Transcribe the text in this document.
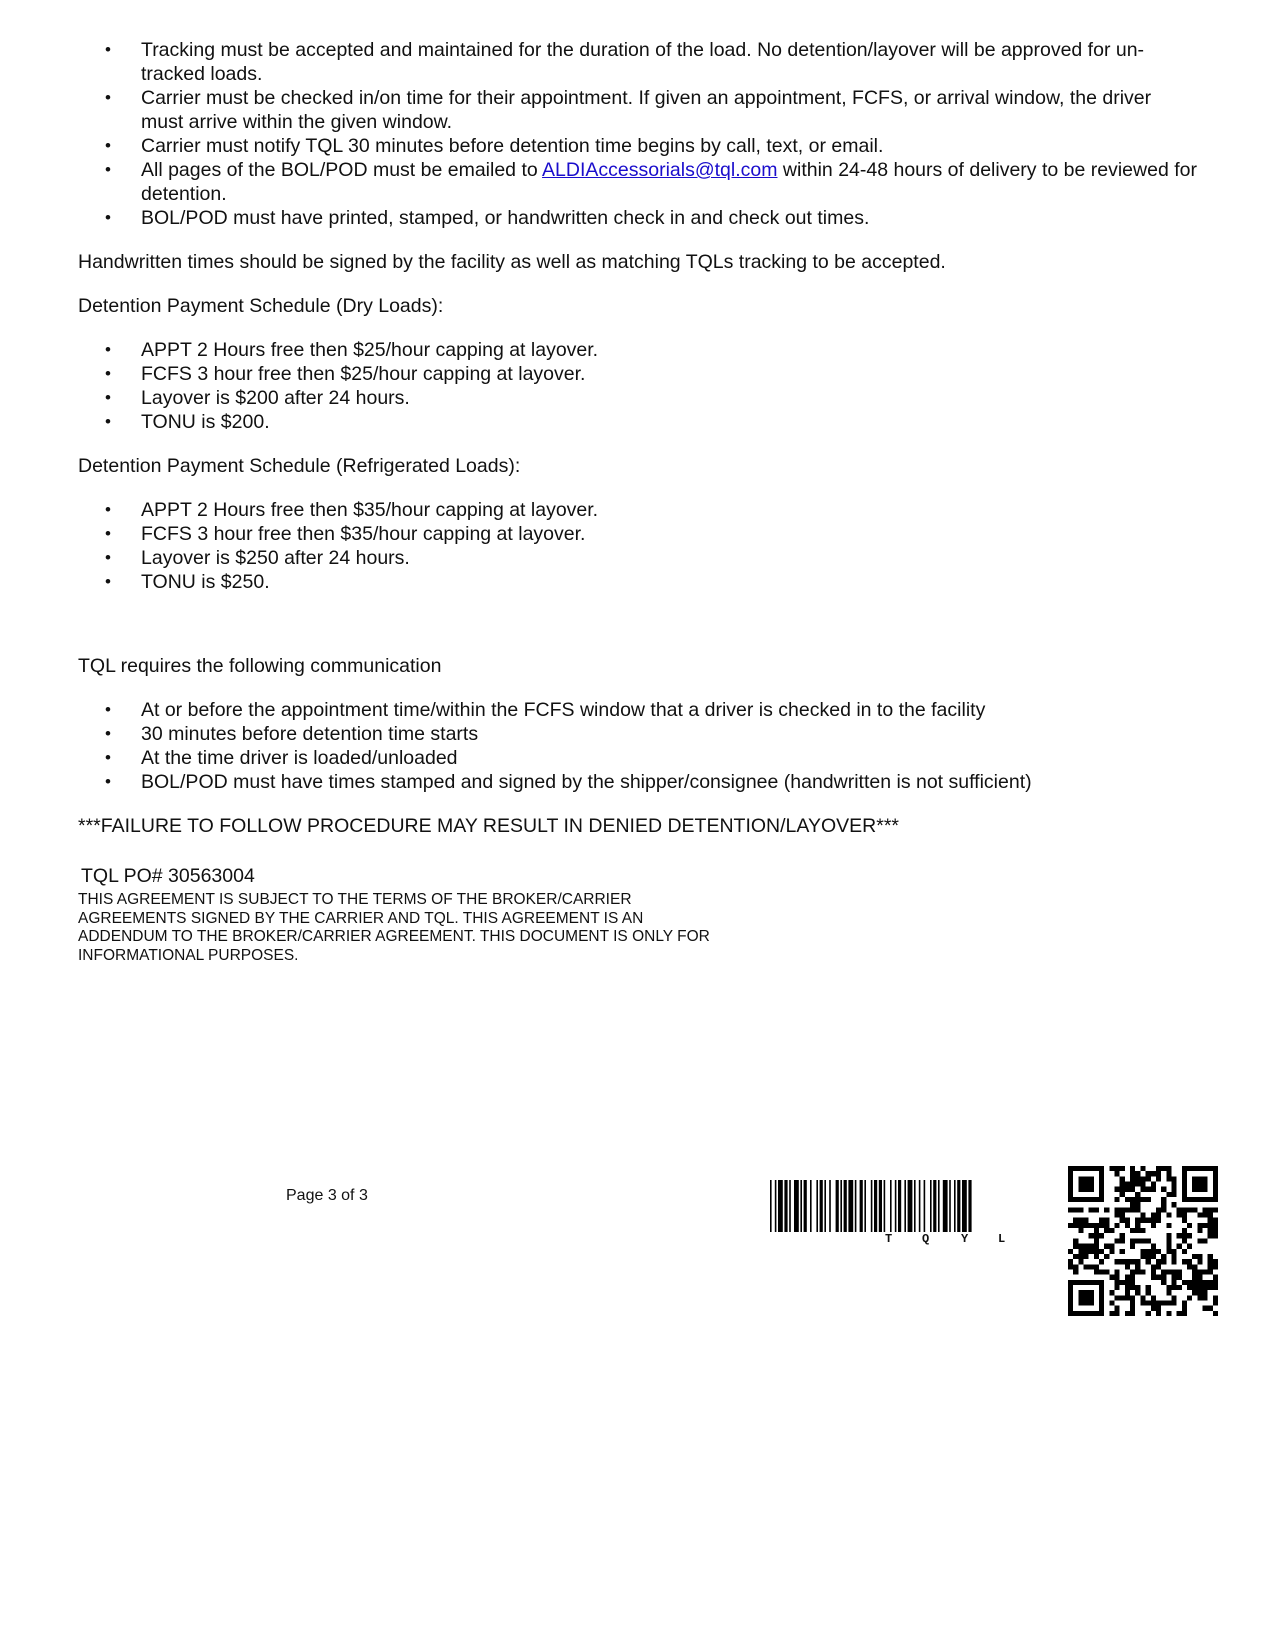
• Tracking must be accepted and maintained for the duration of the load. No detention/layover will be approved for un-tracked loads.
• Carrier must be checked in/on time for their appointment. If given an appointment, FCFS, or arrival window, the driver must arrive within the given window.
• Carrier must notify TQL 30 minutes before detention time begins by call, text, or email.
• All pages of the BOL/POD must be emailed to ALDIAccessorials@tql.com within 24-48 hours of delivery to be reviewed for detention.
• BOL/POD must have printed, stamped, or handwritten check in and check out times.

Handwritten times should be signed by the facility as well as matching TQLs tracking to be accepted.

Detention Payment Schedule (Dry Loads):

• APPT 2 Hours free then $25/hour capping at layover.
• FCFS 3 hour free then $25/hour capping at layover.
• Layover is $200 after 24 hours.
• TONU is $200.

Detention Payment Schedule (Refrigerated Loads):

• APPT 2 Hours free then $35/hour capping at layover.
• FCFS 3 hour free then $35/hour capping at layover.
• Layover is $250 after 24 hours.
• TONU is $250.

TQL requires the following communication

• At or before the appointment time/within the FCFS window that a driver is checked in to the facility
• 30 minutes before detention time starts
• At the time driver is loaded/unloaded
• BOL/POD must have times stamped and signed by the shipper/consignee (handwritten is not sufficient)

***FAILURE TO FOLLOW PROCEDURE MAY RESULT IN DENIED DETENTION/LAYOVER***

TQL PO# 30563004

THIS AGREEMENT IS SUBJECT TO THE TERMS OF THE BROKER/CARRIER
AGREEMENTS SIGNED BY THE CARRIER AND TQL. THIS AGREEMENT IS AN
ADDENDUM TO THE BROKER/CARRIER AGREEMENT. THIS DOCUMENT IS ONLY FOR
INFORMATIONAL PURPOSES.
Page 3 of 3
T Q	Y L
